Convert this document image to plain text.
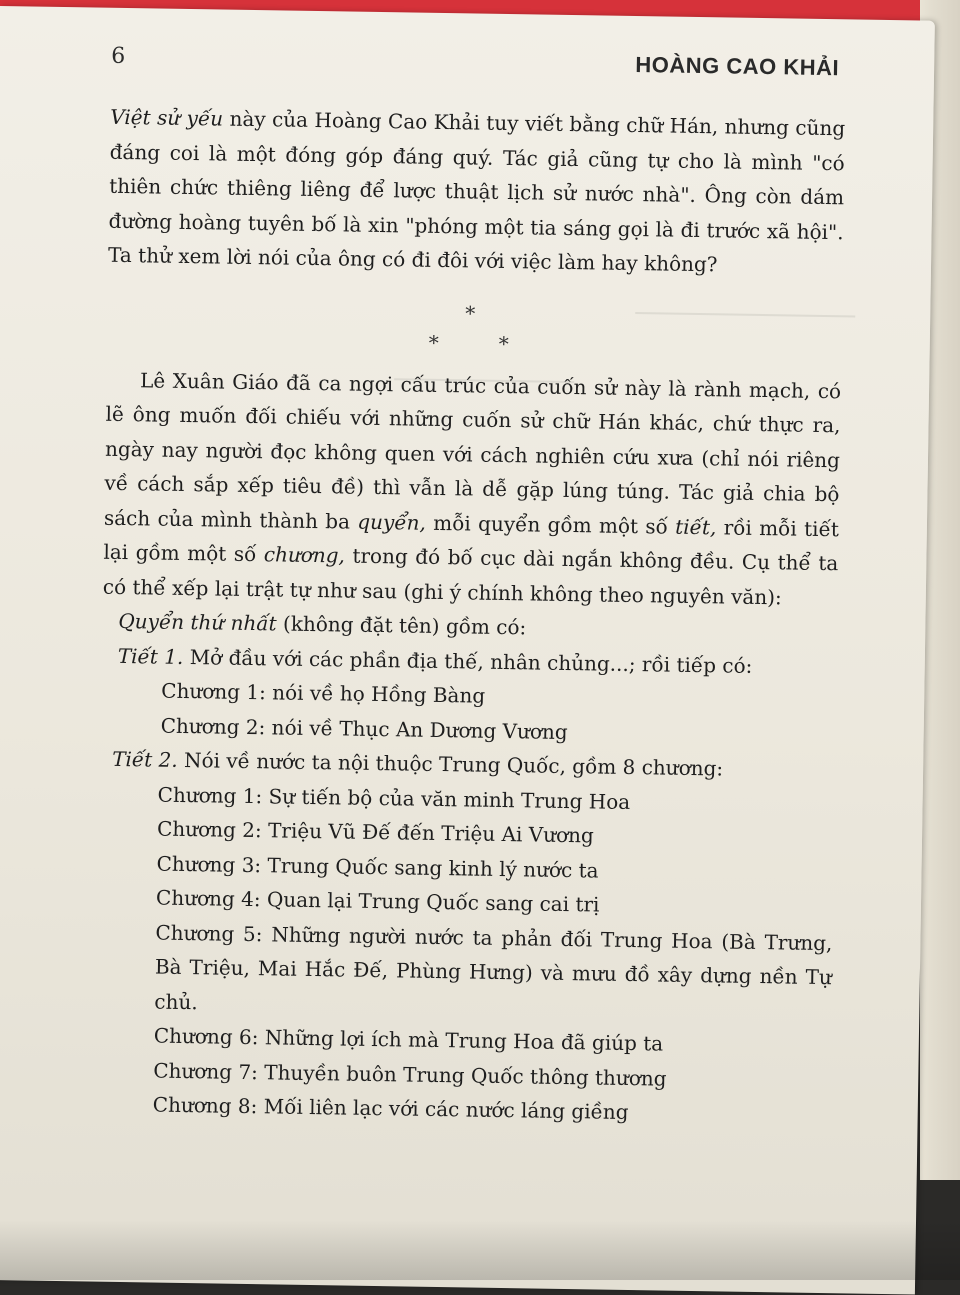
6	HOÀNG CAO KHẢI

Việt sử yếu này của Hoàng Cao Khải tuy viết bằng chữ Hán, nhưng cũng đáng coi là một đóng góp đáng quý. Tác giả cũng tự cho là mình "có thiên chức thiêng liêng để lược thuật lịch sử nước nhà". Ông còn dám đường hoàng tuyên bố là xin "phóng một tia sáng gọi là đi trước xã hội". Ta thử xem lời nói của ông có đi đôi với việc làm hay không?

*
*	*

Lê Xuân Giáo đã ca ngợi cấu trúc của cuốn sử này là rành mạch, có lẽ ông muốn đối chiếu với những cuốn sử chữ Hán khác, chứ thực ra, ngày nay người đọc không quen với cách nghiên cứu xưa (chỉ nói riêng về cách sắp xếp tiêu đề) thì vẫn là dễ gặp lúng túng. Tác giả chia bộ sách của mình thành ba quyển, mỗi quyển gồm một số tiết, rồi mỗi tiết lại gồm một số chương, trong đó bố cục dài ngắn không đều. Cụ thể ta có thể xếp lại trật tự như sau (ghi ý chính không theo nguyên văn):

Quyển thứ nhất (không đặt tên) gồm có:

Tiết 1. Mở đầu với các phần địa thế, nhân chủng...; rồi tiếp có:

Chương 1: nói về họ Hồng Bàng

Chương 2: nói về Thục An Dương Vương

Tiết 2. Nói về nước ta nội thuộc Trung Quốc, gồm 8 chương:

Chương 1: Sự tiến bộ của văn minh Trung Hoa

Chương 2: Triệu Vũ Đế đến Triệu Ai Vương

Chương 3: Trung Quốc sang kinh lý nước ta

Chương 4: Quan lại Trung Quốc sang cai trị

Chương 5: Những người nước ta phản đối Trung Hoa (Bà Trưng, Bà Triệu, Mai Hắc Đế, Phùng Hưng) và mưu đồ xây dựng nền Tự chủ.

Chương 6: Những lợi ích mà Trung Hoa đã giúp ta

Chương 7: Thuyền buôn Trung Quốc thông thương

Chương 8: Mối liên lạc với các nước láng giềng
